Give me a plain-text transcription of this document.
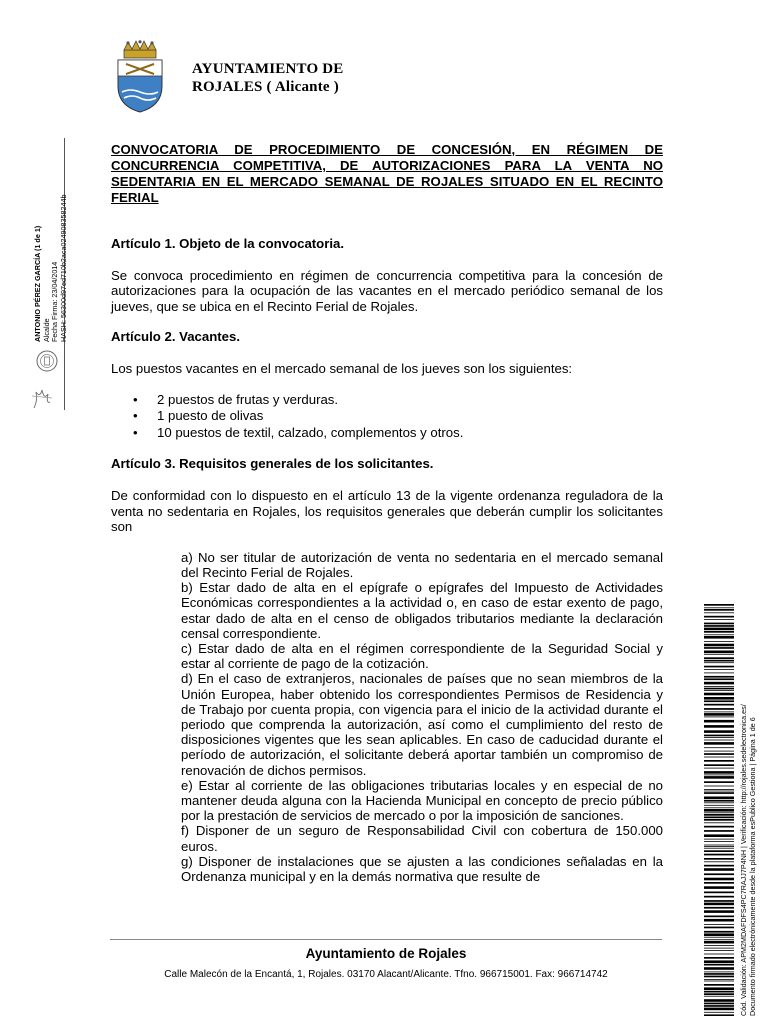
AYUNTAMIENTO DE
ROJALES ( Alicante )
ANTONIO PÉREZ GARCÍA (1 de 1) Alcalde Fecha Firma: 23/04/2014 HASH: 56300d97ed710b2aca024908358244b
CONVOCATORIA DE PROCEDIMIENTO DE CONCESIÓN, EN RÉGIMEN DE CONCURRENCIA COMPETITIVA, DE AUTORIZACIONES PARA LA VENTA NO SEDENTARIA EN EL MERCADO SEMANAL DE ROJALES SITUADO EN EL RECINTO FERIAL
Artículo 1. Objeto de la convocatoria.
Se convoca procedimiento en régimen de concurrencia competitiva para la concesión de autorizaciones para la ocupación de las vacantes en el mercado periódico semanal de los jueves, que se ubica en el Recinto Ferial de Rojales.
Artículo 2. Vacantes.
Los puestos vacantes en el mercado semanal de los jueves son los siguientes:
• 2 puestos de frutas y verduras.
• 1 puesto de olivas
• 10 puestos de textil, calzado, complementos y otros.
Artículo 3. Requisitos generales de los solicitantes.
De conformidad con lo dispuesto en el artículo 13 de la vigente ordenanza reguladora de la venta no sedentaria en Rojales, los requisitos generales que deberán cumplir los solicitantes son

a) No ser titular de autorización de venta no sedentaria en el mercado semanal del Recinto Ferial de Rojales.

b) Estar dado de alta en el epígrafe o epígrafes del Impuesto de Actividades Económicas correspondientes a la actividad o, en caso de estar exento de pago, estar dado de alta en el censo de obligados tributarios mediante la declaración censal correspondiente.

c) Estar dado de alta en el régimen correspondiente de la Seguridad Social y estar al corriente de pago de la cotización.

d) En el caso de extranjeros, nacionales de países que no sean miembros de la Unión Europea, haber obtenido los correspondientes Permisos de Residencia y de Trabajo por cuenta propia, con vigencia para el inicio de la actividad durante el periodo que comprenda la autorización, así como el cumplimiento del resto de disposiciones vigentes que les sean aplicables. En caso de caducidad durante el período de autorización, el solicitante deberá aportar también un compromiso de renovación de dichos permisos.

e) Estar al corriente de las obligaciones tributarias locales y en especial de no mantener deuda alguna con la Hacienda Municipal en concepto de precio público por la prestación de servicios de mercado o por la imposición de sanciones.

f) Disponer de un seguro de Responsabilidad Civil con cobertura de 150.000 euros.

g) Disponer de instalaciones que se ajusten a las condiciones señaladas en la Ordenanza municipal y en la demás normativa que resulte de

Ayuntamiento de Rojales
Calle Malecón de la Encantá, 1, Rojales. 03170 Alacant/Alicante. Tfno. 966715001. Fax: 966714742	Cód. Validación: APM2MDAFDFS4PC7RAJJ7P4NH | Verificación: http://rojales.sedelectronica.es/ Documento firmado electrónicamente desde la plataforma esPublico Gestiona | Página 1 de 6
